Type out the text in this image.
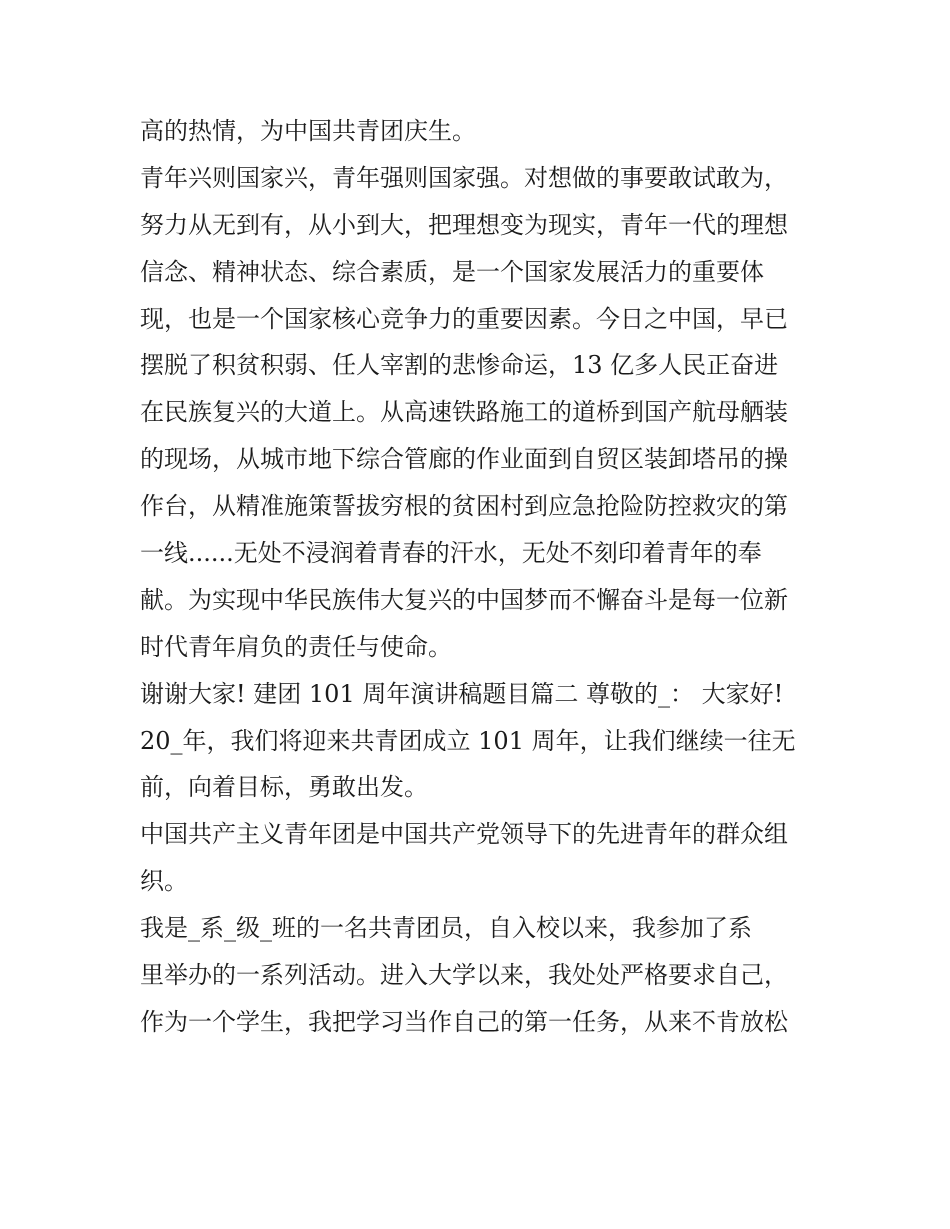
高的热情，为中国共青团庆生。
青年兴则国家兴，青年强则国家强。对想做的事要敢试敢为，
努力从无到有，从小到大，把理想变为现实，青年一代的理想
信念、精神状态、综合素质，是一个国家发展活力的重要体
现，也是一个国家核心竞争力的重要因素。今日之中国，早已
摆脱了积贫积弱、任人宰割的悲惨命运，13 亿多人民正奋进
在民族复兴的大道上。从高速铁路施工的道桥到国产航母舾装
的现场，从城市地下综合管廊的作业面到自贸区装卸塔吊的操
作台，从精准施策誓拔穷根的贫困村到应急抢险防控救灾的第
一线......无处不浸润着青春的汗水，无处不刻印着青年的奉
献。为实现中华民族伟大复兴的中国梦而不懈奋斗是每一位新
时代青年肩负的责任与使命。
谢谢大家! 建团 101 周年演讲稿题目篇二 尊敬的_： 大家好!
20_年，我们将迎来共青团成立 101 周年，让我们继续一往无
前，向着目标，勇敢出发。
中国共产主义青年团是中国共产党领导下的先进青年的群众组
织。
我是_系_级_班的一名共青团员，自入校以来，我参加了系
里举办的一系列活动。进入大学以来，我处处严格要求自己，
作为一个学生，我把学习当作自己的第一任务，从来不肯放松
